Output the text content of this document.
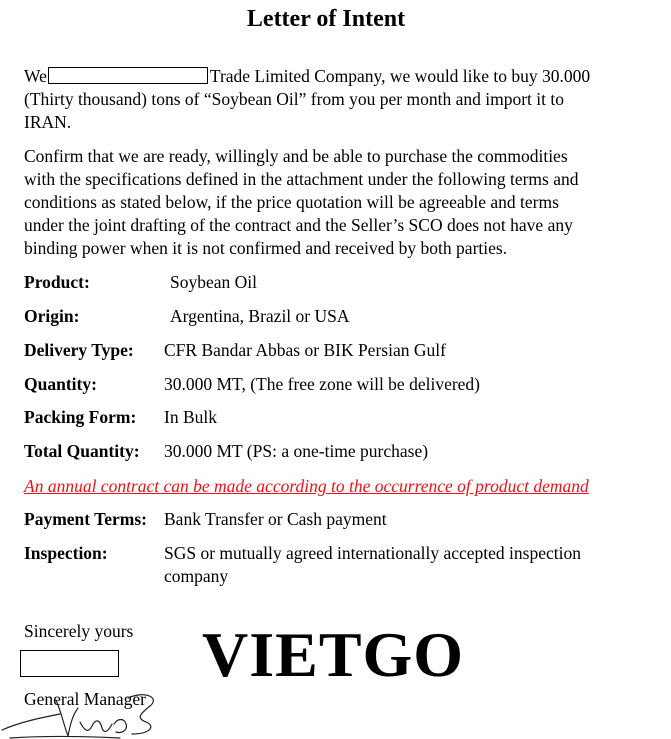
Letter of Intent
We	Trade Limited Company, we would like to buy 30.000
(Thirty thousand) tons of “Soybean Oil” from you per month and import it to
IRAN.
Confirm that we are ready, willingly and be able to purchase the commodities
with the specifications defined in the attachment under the following terms and
conditions as stated below, if the price quotation will be agreeable and terms
under the joint drafting of the contract and the Seller’s SCO does not have any
binding power when it is not confirmed and received by both parties.
Product:	Soybean Oil
Origin:	Argentina, Brazil or USA
Delivery Type: CFR Bandar Abbas or BIK Persian Gulf
Quantity:	30.000 MT, (The free zone will be delivered)
Packing Form: In Bulk
Total Quantity: 30.000 MT (PS: a one-time purchase)
An annual contract can be made according to the occurrence of product demand
Payment Terms: Bank Transfer or Cash payment
Inspection:	SGS or mutually agreed internationally accepted inspection
company
Sincerely yours VIETGO
General Manager
